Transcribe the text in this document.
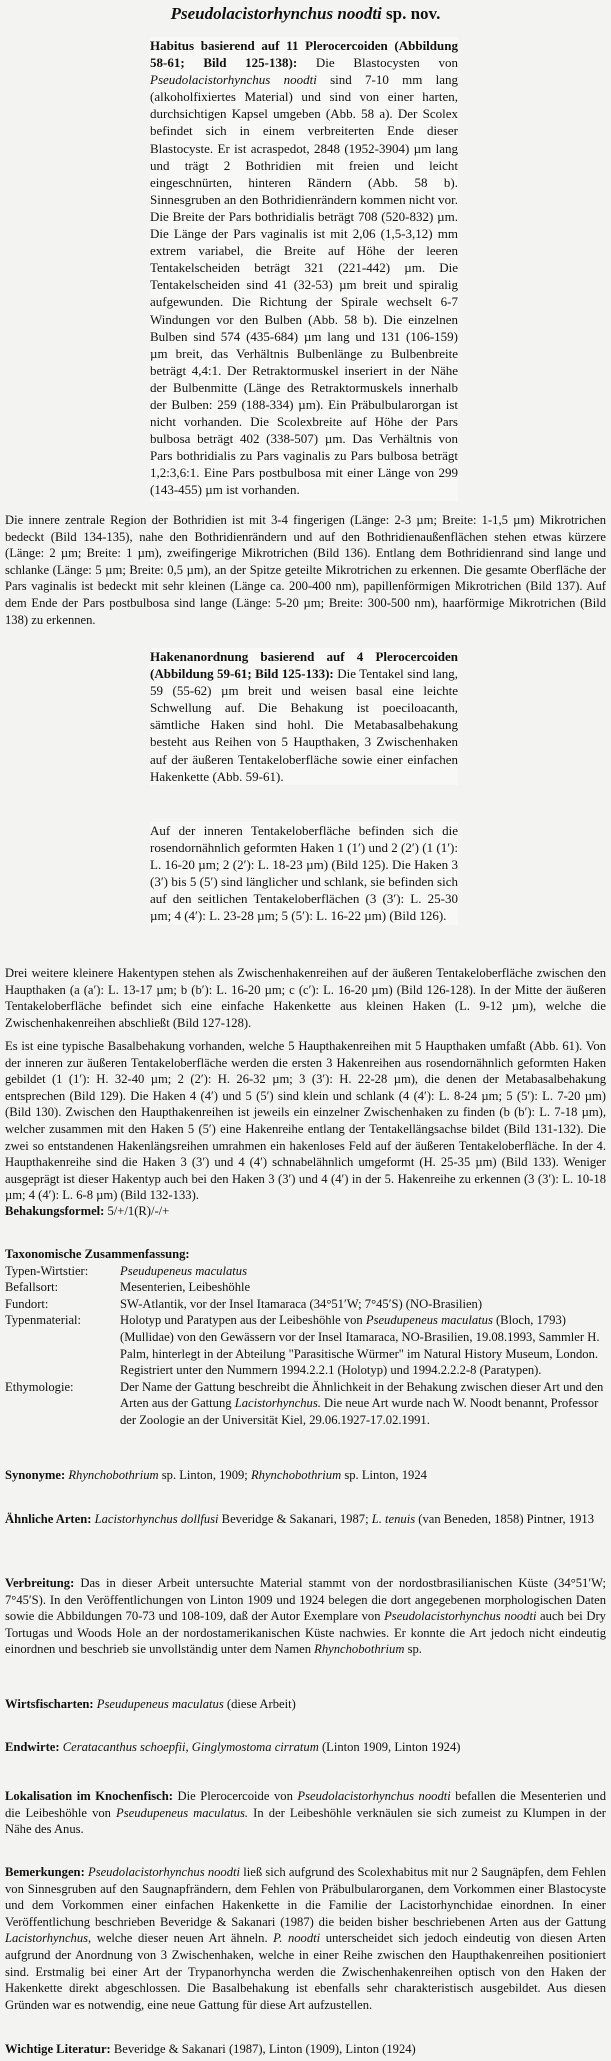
Pseudolacistorhynchus noodti sp. nov.
Habitus basierend auf 11 Plerocercoiden (Abbildung 58-61; Bild 125-138): Die Blastocysten von Pseudolacistorhynchus noodti sind 7-10 mm lang (alkoholfixiertes Material) und sind von einer harten, durchsichtigen Kapsel umgeben (Abb. 58 a). Der Scolex befindet sich in einem verbreiterten Ende dieser Blastocyste. Er ist acraspedot, 2848 (1952-3904) µm lang und trägt 2 Bothridien mit freien und leicht eingeschnürten, hinteren Rändern (Abb. 58 b). Sinnesgruben an den Bothridienrändern kommen nicht vor. Die Breite der Pars bothridialis beträgt 708 (520-832) µm. Die Länge der Pars vaginalis ist mit 2,06 (1,5-3,12) mm extrem variabel, die Breite auf Höhe der leeren Tentakelscheiden beträgt 321 (221-442) µm. Die Tentakelscheiden sind 41 (32-53) µm breit und spiralig aufgewunden. Die Richtung der Spirale wechselt 6-7 Windungen vor den Bulben (Abb. 58 b). Die einzelnen Bulben sind 574 (435-684) µm lang und 131 (106-159) µm breit, das Verhältnis Bulbenlänge zu Bulbenbreite beträgt 4,4:1. Der Retraktormuskel inseriert in der Nähe der Bulbenmitte (Länge des Retraktormuskels innerhalb der Bulben: 259 (188-334) µm). Ein Präbulbularorgan ist nicht vorhanden. Die Scolexbreite auf Höhe der Pars bulbosa beträgt 402 (338-507) µm. Das Verhältnis von Pars bothridialis zu Pars vaginalis zu Pars bulbosa beträgt 1,2:3,6:1. Eine Pars postbulbosa mit einer Länge von 299 (143-455) µm ist vorhanden.
Die innere zentrale Region der Bothridien ist mit 3-4 fingerigen (Länge: 2-3 µm; Breite: 1-1,5 µm) Mikrotrichen bedeckt (Bild 134-135), nahe den Bothridienrändern und auf den Bothridienaußenflächen stehen etwas kürzere (Länge: 2 µm; Breite: 1 µm), zweifingerige Mikrotrichen (Bild 136). Entlang dem Bothridienrand sind lange und schlanke (Länge: 5 µm; Breite: 0,5 µm), an der Spitze geteilte Mikrotrichen zu erkennen. Die gesamte Oberfläche der Pars vaginalis ist bedeckt mit sehr kleinen (Länge ca. 200-400 nm), papillenförmigen Mikrotrichen (Bild 137). Auf dem Ende der Pars postbulbosa sind lange (Länge: 5-20 µm; Breite: 300-500 nm), haarförmige Mikrotrichen (Bild 138) zu erkennen.
Hakenanordnung basierend auf 4 Plerocercoiden (Abbildung 59-61; Bild 125-133): Die Tentakel sind lang, 59 (55-62) µm breit und weisen basal eine leichte Schwellung auf. Die Behakung ist poeciloacanth, sämtliche Haken sind hohl. Die Metabasalbehakung besteht aus Reihen von 5 Haupthaken, 3 Zwischenhaken auf der äußeren Tentakeloberfläche sowie einer einfachen Hakenkette (Abb. 59-61).
Auf der inneren Tentakeloberfläche befinden sich die rosendornähnlich geformten Haken 1 (1′) und 2 (2′) (1 (1′): L. 16-20 µm; 2 (2′): L. 18-23 µm) (Bild 125). Die Haken 3 (3′) bis 5 (5′) sind länglicher und schlank, sie befinden sich auf den seitlichen Tentakeloberflächen (3 (3′): L. 25-30 µm; 4 (4′): L. 23-28 µm; 5 (5′): L. 16-22 µm) (Bild 126).
Drei weitere kleinere Hakentypen stehen als Zwischenhakenreihen auf der äußeren Tentakeloberfläche zwischen den Haupthaken (a (a′): L. 13-17 µm; b (b′): L. 16-20 µm; c (c′): L. 16-20 µm) (Bild 126-128). In der Mitte der äußeren Tentakeloberfläche befindet sich eine einfache Hakenkette aus kleinen Haken (L. 9-12 µm), welche die Zwischenhakenreihen abschließt (Bild 127-128).
Es ist eine typische Basalbehakung vorhanden, welche 5 Haupthakenreihen mit 5 Haupthaken umfaßt (Abb. 61). Von der inneren zur äußeren Tentakeloberfläche werden die ersten 3 Hakenreihen aus rosendornähnlich geformten Haken gebildet (1 (1′): H. 32-40 µm; 2 (2′): H. 26-32 µm; 3 (3′): H. 22-28 µm), die denen der Metabasalbehakung entsprechen (Bild 129). Die Haken 4 (4′) und 5 (5′) sind klein und schlank (4 (4′): L. 8-24 µm; 5 (5′): L. 7-20 µm) (Bild 130). Zwischen den Haupthakenreihen ist jeweils ein einzelner Zwischenhaken zu finden (b (b′): L. 7-18 µm), welcher zusammen mit den Haken 5 (5′) eine Hakenreihe entlang der Tentakellängsachse bildet (Bild 131-132). Die zwei so entstandenen Hakenlängsreihen umrahmen ein hakenloses Feld auf der äußeren Tentakeloberfläche. In der 4. Haupthakenreihe sind die Haken 3 (3′) und 4 (4′) schnabelähnlich umgeformt (H. 25-35 µm) (Bild 133). Weniger ausgeprägt ist dieser Hakentyp auch bei den Haken 3 (3′) und 4 (4′) in der 5. Hakenreihe zu erkennen (3 (3′): L. 10-18 µm; 4 (4′): L. 6-8 µm) (Bild 132-133).
Behakungsformel: 5/+/1(R)/-/+
Taxonomische Zusammenfassung:
Typen-Wirtstier:	Pseudupeneus maculatus
Befallsort:	Mesenterien, Leibeshöhle
Fundort:	SW-Atlantik, vor der Insel Itamaraca (34°51′W; 7°45′S) (NO-Brasilien)
Typenmaterial:	Holotyp und Paratypen aus der Leibeshöhle von Pseudupeneus maculatus (Bloch, 1793) (Mullidae) von den Gewässern vor der Insel Itamaraca, NO-Brasilien, 19.08.1993, Sammler H. Palm, hinterlegt in der Abteilung "Parasitische Würmer" im Natural History Museum, London. Registriert unter den Nummern 1994.2.2.1 (Holotyp) und 1994.2.2.2-8 (Paratypen).
Ethymologie:	Der Name der Gattung beschreibt die Ähnlichkeit in der Behakung zwischen dieser Art und den Arten aus der Gattung Lacistorhynchus. Die neue Art wurde nach W. Noodt benannt, Professor der Zoologie an der Universität Kiel, 29.06.1927-17.02.1991.
Synonyme: Rhynchobothrium sp. Linton, 1909; Rhynchobothrium sp. Linton, 1924
Ähnliche Arten: Lacistorhynchus dollfusi Beveridge & Sakanari, 1987; L. tenuis (van Beneden, 1858) Pintner, 1913
Verbreitung: Das in dieser Arbeit untersuchte Material stammt von der nordostbrasilianischen Küste (34°51′W; 7°45′S). In den Veröffentlichungen von Linton 1909 und 1924 belegen die dort angegebenen morphologischen Daten sowie die Abbildungen 70-73 und 108-109, daß der Autor Exemplare von Pseudolacistorhynchus noodti auch bei Dry Tortugas und Woods Hole an der nordostamerikanischen Küste nachwies. Er konnte die Art jedoch nicht eindeutig einordnen und beschrieb sie unvollständig unter dem Namen Rhynchobothrium sp.
Wirtsfischarten: Pseudupeneus maculatus (diese Arbeit)
Endwirte: Ceratacanthus schoepfii, Ginglymostoma cirratum (Linton 1909, Linton 1924)
Lokalisation im Knochenfisch: Die Plerocercoide von Pseudolacistorhynchus noodti befallen die Mesenterien und die Leibeshöhle von Pseudupeneus maculatus. In der Leibeshöhle verknäulen sie sich zumeist zu Klumpen in der Nähe des Anus.
Bemerkungen: Pseudolacistorhynchus noodti ließ sich aufgrund des Scolexhabitus mit nur 2 Saugnäpfen, dem Fehlen von Sinnesgruben auf den Saugnapfrändern, dem Fehlen von Präbulbularorganen, dem Vorkommen einer Blastocyste und dem Vorkommen einer einfachen Hakenkette in die Familie der Lacistorhynchidae einordnen. In einer Veröffentlichung beschrieben Beveridge & Sakanari (1987) die beiden bisher beschriebenen Arten aus der Gattung Lacistorhynchus, welche dieser neuen Art ähneln. P. noodti unterscheidet sich jedoch eindeutig von diesen Arten aufgrund der Anordnung von 3 Zwischenhaken, welche in einer Reihe zwischen den Haupthakenreihen positioniert sind. Erstmalig bei einer Art der Trypanorhyncha werden die Zwischenhakenreihen optisch von den Haken der Hakenkette direkt abgeschlossen. Die Basalbehakung ist ebenfalls sehr charakteristisch ausgebildet. Aus diesen Gründen war es notwendig, eine neue Gattung für diese Art aufzustellen.
Wichtige Literatur: Beveridge & Sakanari (1987), Linton (1909), Linton (1924)
